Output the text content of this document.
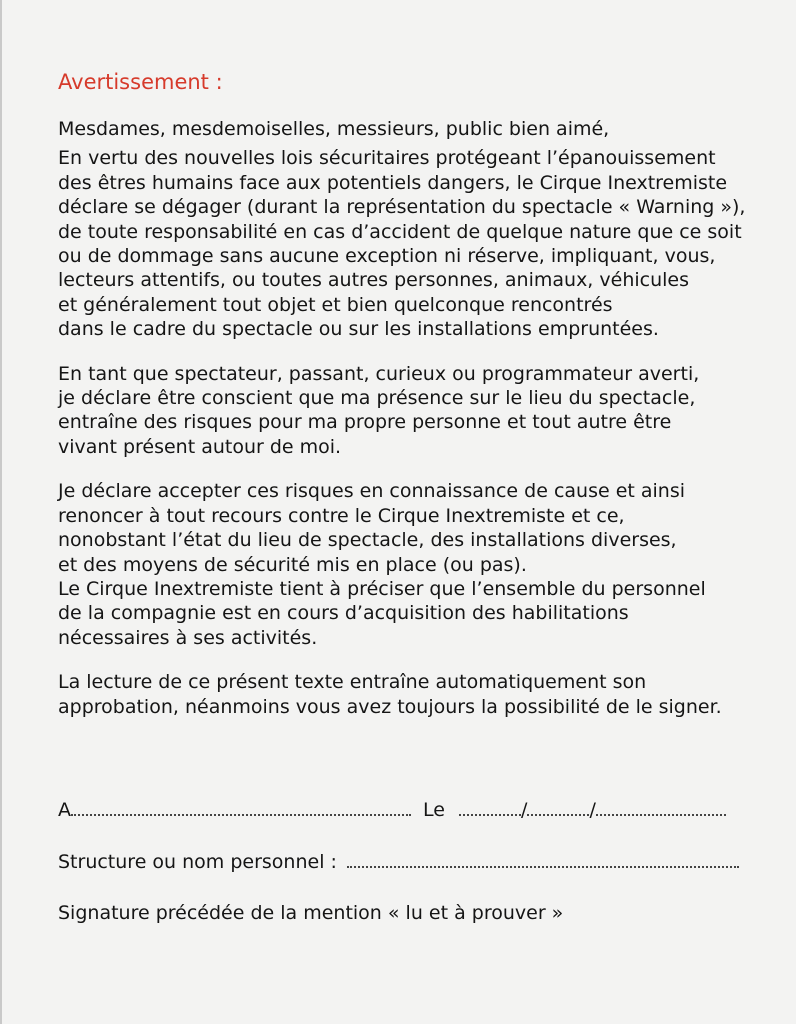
Avertissement :

Mesdames, mesdemoiselles, messieurs, public bien aimé,

En vertu des nouvelles lois sécuritaires protégeant l’épanouissement
des êtres humains face aux potentiels dangers, le Cirque Inextremiste
déclare se dégager (durant la représentation du spectacle « Warning »),
de toute responsabilité en cas d’accident de quelque nature que ce soit
ou de dommage sans aucune exception ni réserve, impliquant, vous,
lecteurs attentifs, ou toutes autres personnes, animaux, véhicules
et généralement tout objet et bien quelconque rencontrés
dans le cadre du spectacle ou sur les installations empruntées.

En tant que spectateur, passant, curieux ou programmateur averti,
je déclare être conscient que ma présence sur le lieu du spectacle,
entraîne des risques pour ma propre personne et tout autre être
vivant présent autour de moi.

Je déclare accepter ces risques en connaissance de cause et ainsi
renoncer à tout recours contre le Cirque Inextremiste et ce,
nonobstant l’état du lieu de spectacle, des installations diverses,
et des moyens de sécurité mis en place (ou pas).
Le Cirque Inextremiste tient à préciser que l’ensemble du personnel
de la compagnie est en cours d’acquisition des habilitations
nécessaires à ses activités.

La lecture de ce présent texte entraîne automatiquement son
approbation, néanmoins vous avez toujours la possibilité de le signer.

A	Le	/	/
Structure ou nom personnel :
Signature précédée de la mention « lu et à prouver »
